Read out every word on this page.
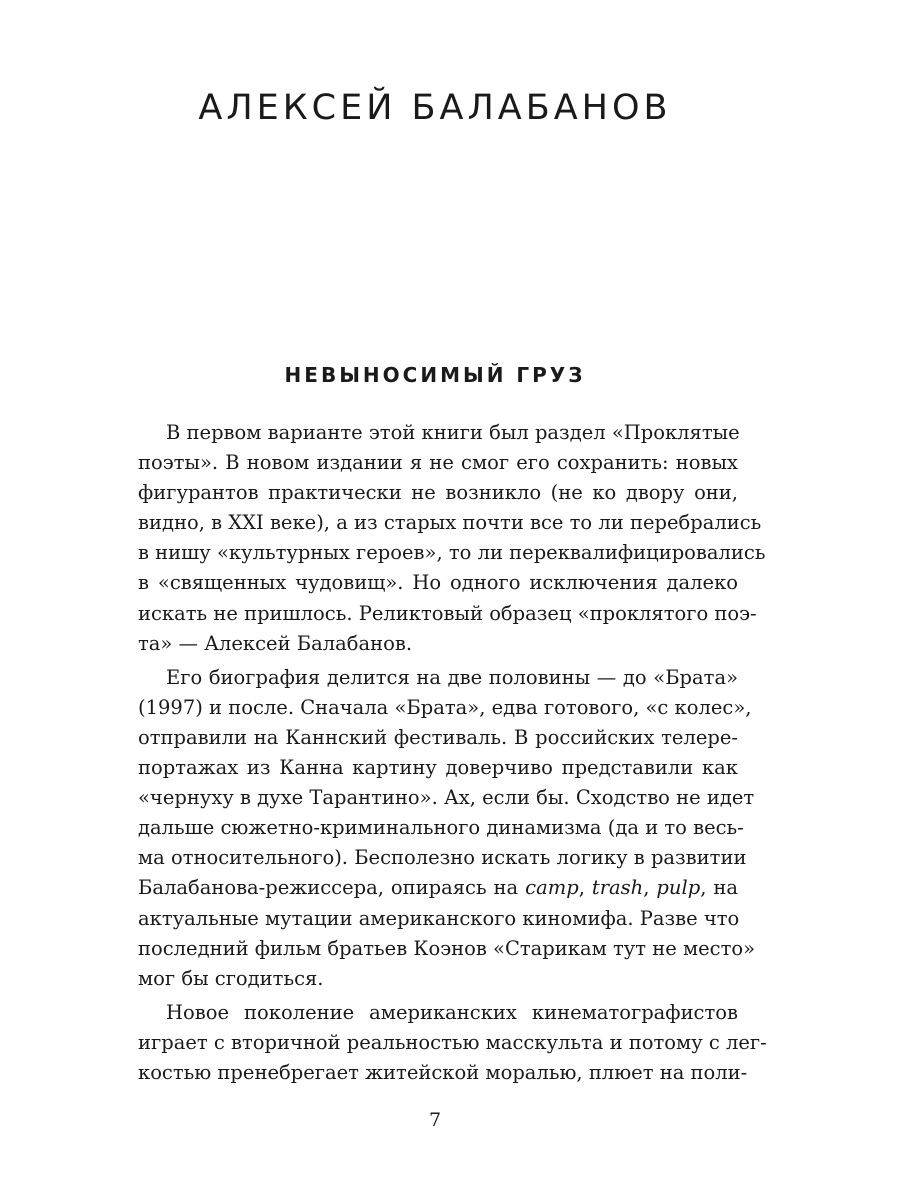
АЛЕКСЕЙ БАЛАБАНОВ
НЕВЫНОСИМЫЙ ГРУЗ
В первом варианте этой книги был раздел «Проклятые
поэты». В новом издании я не смог его сохранить: новых
фигурантов практически не возникло (не ко двору они,
видно, в XXI веке), а из старых почти все то ли перебрались
в нишу «культурных героев», то ли переквалифицировались
в «священных чудовищ». Но одного исключения далеко
искать не пришлось. Реликтовый образец «проклятого поэ-
та» — Алексей Балабанов.
Его биография делится на две половины — до «Брата»
(1997) и после. Сначала «Брата», едва готового, «с колес»,
отправили на Каннский фестиваль. В российских телере-
портажах из Канна картину доверчиво представили как
«чернуху в духе Тарантино». Ах, если бы. Сходство не идет
дальше сюжетно-криминального динамизма (да и то весь-
ма относительного). Бесполезно искать логику в развитии
Балабанова-режиссера, опираясь на camp, trash, pulp, на
актуальные мутации американского киномифа. Разве что
последний фильм братьев Коэнов «Старикам тут не место»
мог бы сгодиться.
Новое поколение американских кинематографистов
играет с вторичной реальностью масскульта и потому с лег-
костью пренебрегает житейской моралью, плюет на поли-
7
